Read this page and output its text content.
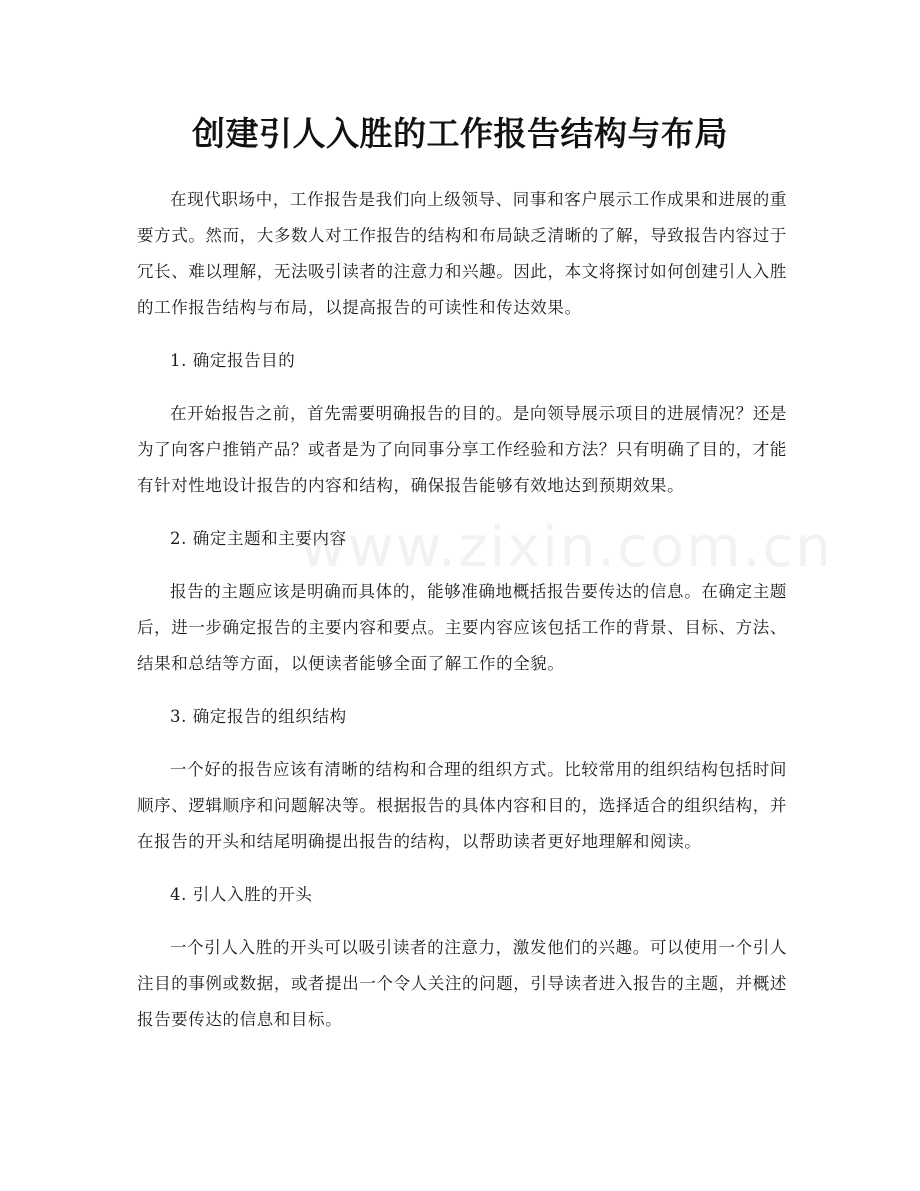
www.zixin.com.cn
创建引人入胜的工作报告结构与布局

在现代职场中，工作报告是我们向上级领导、同事和客户展示工作成果和进展的重要方式。然而，大多数人对工作报告的结构和布局缺乏清晰的了解，导致报告内容过于冗长、难以理解，无法吸引读者的注意力和兴趣。因此，本文将探讨如何创建引人入胜的工作报告结构与布局，以提高报告的可读性和传达效果。

1. 确定报告目的

在开始报告之前，首先需要明确报告的目的。是向领导展示项目的进展情况？还是为了向客户推销产品？或者是为了向同事分享工作经验和方法？只有明确了目的，才能有针对性地设计报告的内容和结构，确保报告能够有效地达到预期效果。

2. 确定主题和主要内容

报告的主题应该是明确而具体的，能够准确地概括报告要传达的信息。在确定主题后，进一步确定报告的主要内容和要点。主要内容应该包括工作的背景、目标、方法、结果和总结等方面，以便读者能够全面了解工作的全貌。

3. 确定报告的组织结构

一个好的报告应该有清晰的结构和合理的组织方式。比较常用的组织结构包括时间顺序、逻辑顺序和问题解决等。根据报告的具体内容和目的，选择适合的组织结构，并在报告的开头和结尾明确提出报告的结构，以帮助读者更好地理解和阅读。

4. 引人入胜的开头

一个引人入胜的开头可以吸引读者的注意力，激发他们的兴趣。可以使用一个引人注目的事例或数据，或者提出一个令人关注的问题，引导读者进入报告的主题，并概述报告要传达的信息和目标。
